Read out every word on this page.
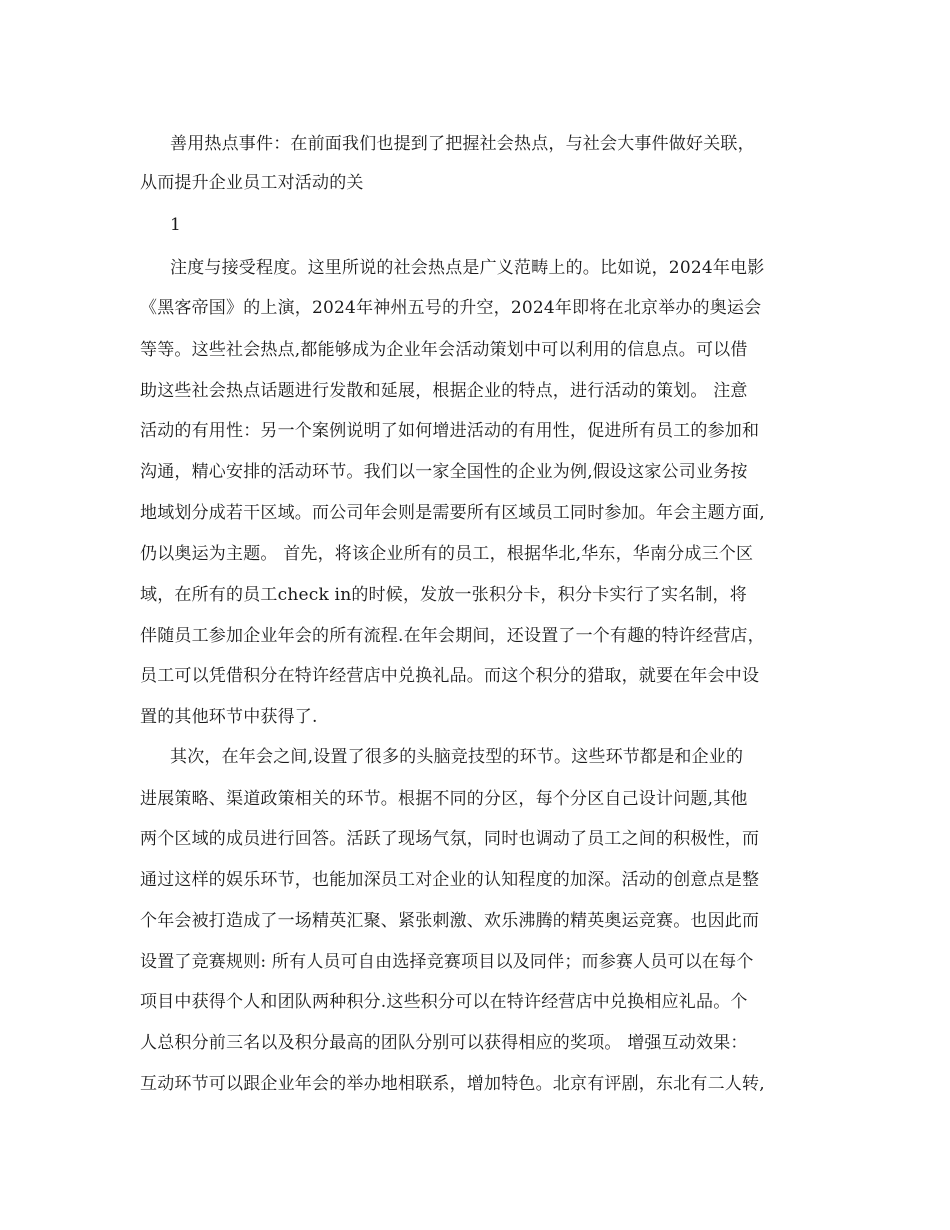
善用热点事件：在前面我们也提到了把握社会热点，与社会大事件做好关联，
从而提升企业员工对活动的关
1
注度与接受程度。这里所说的社会热点是广义范畴上的。比如说，2024年电影
《黑客帝国》的上演，2024年神州五号的升空，2024年即将在北京举办的奥运会
等等。这些社会热点,都能够成为企业年会活动策划中可以利用的信息点。可以借
助这些社会热点话题进行发散和延展，根据企业的特点，进行活动的策划。 注意
活动的有用性：另一个案例说明了如何增进活动的有用性，促进所有员工的参加和
沟通，精心安排的活动环节。我们以一家全国性的企业为例,假设这家公司业务按
地域划分成若干区域。而公司年会则是需要所有区域员工同时参加。年会主题方面,
仍以奥运为主题。 首先，将该企业所有的员工，根据华北,华东，华南分成三个区
域，在所有的员工check in的时候，发放一张积分卡，积分卡实行了实名制，将
伴随员工参加企业年会的所有流程.在年会期间，还设置了一个有趣的特许经营店，
员工可以凭借积分在特许经营店中兑换礼品。而这个积分的猎取，就要在年会中设
置的其他环节中获得了.
其次，在年会之间,设置了很多的头脑竞技型的环节。这些环节都是和企业的
进展策略、渠道政策相关的环节。根据不同的分区，每个分区自己设计问题,其他
两个区域的成员进行回答。活跃了现场气氛，同时也调动了员工之间的积极性，而
通过这样的娱乐环节，也能加深员工对企业的认知程度的加深。活动的创意点是整
个年会被打造成了一场精英汇聚、紧张刺激、欢乐沸腾的精英奥运竞赛。也因此而
设置了竞赛规则: 所有人员可自由选择竞赛项目以及同伴；而参赛人员可以在每个
项目中获得个人和团队两种积分.这些积分可以在特许经营店中兑换相应礼品。个
人总积分前三名以及积分最高的团队分别可以获得相应的奖项。 增强互动效果：
互动环节可以跟企业年会的举办地相联系，增加特色。北京有评剧，东北有二人转,
